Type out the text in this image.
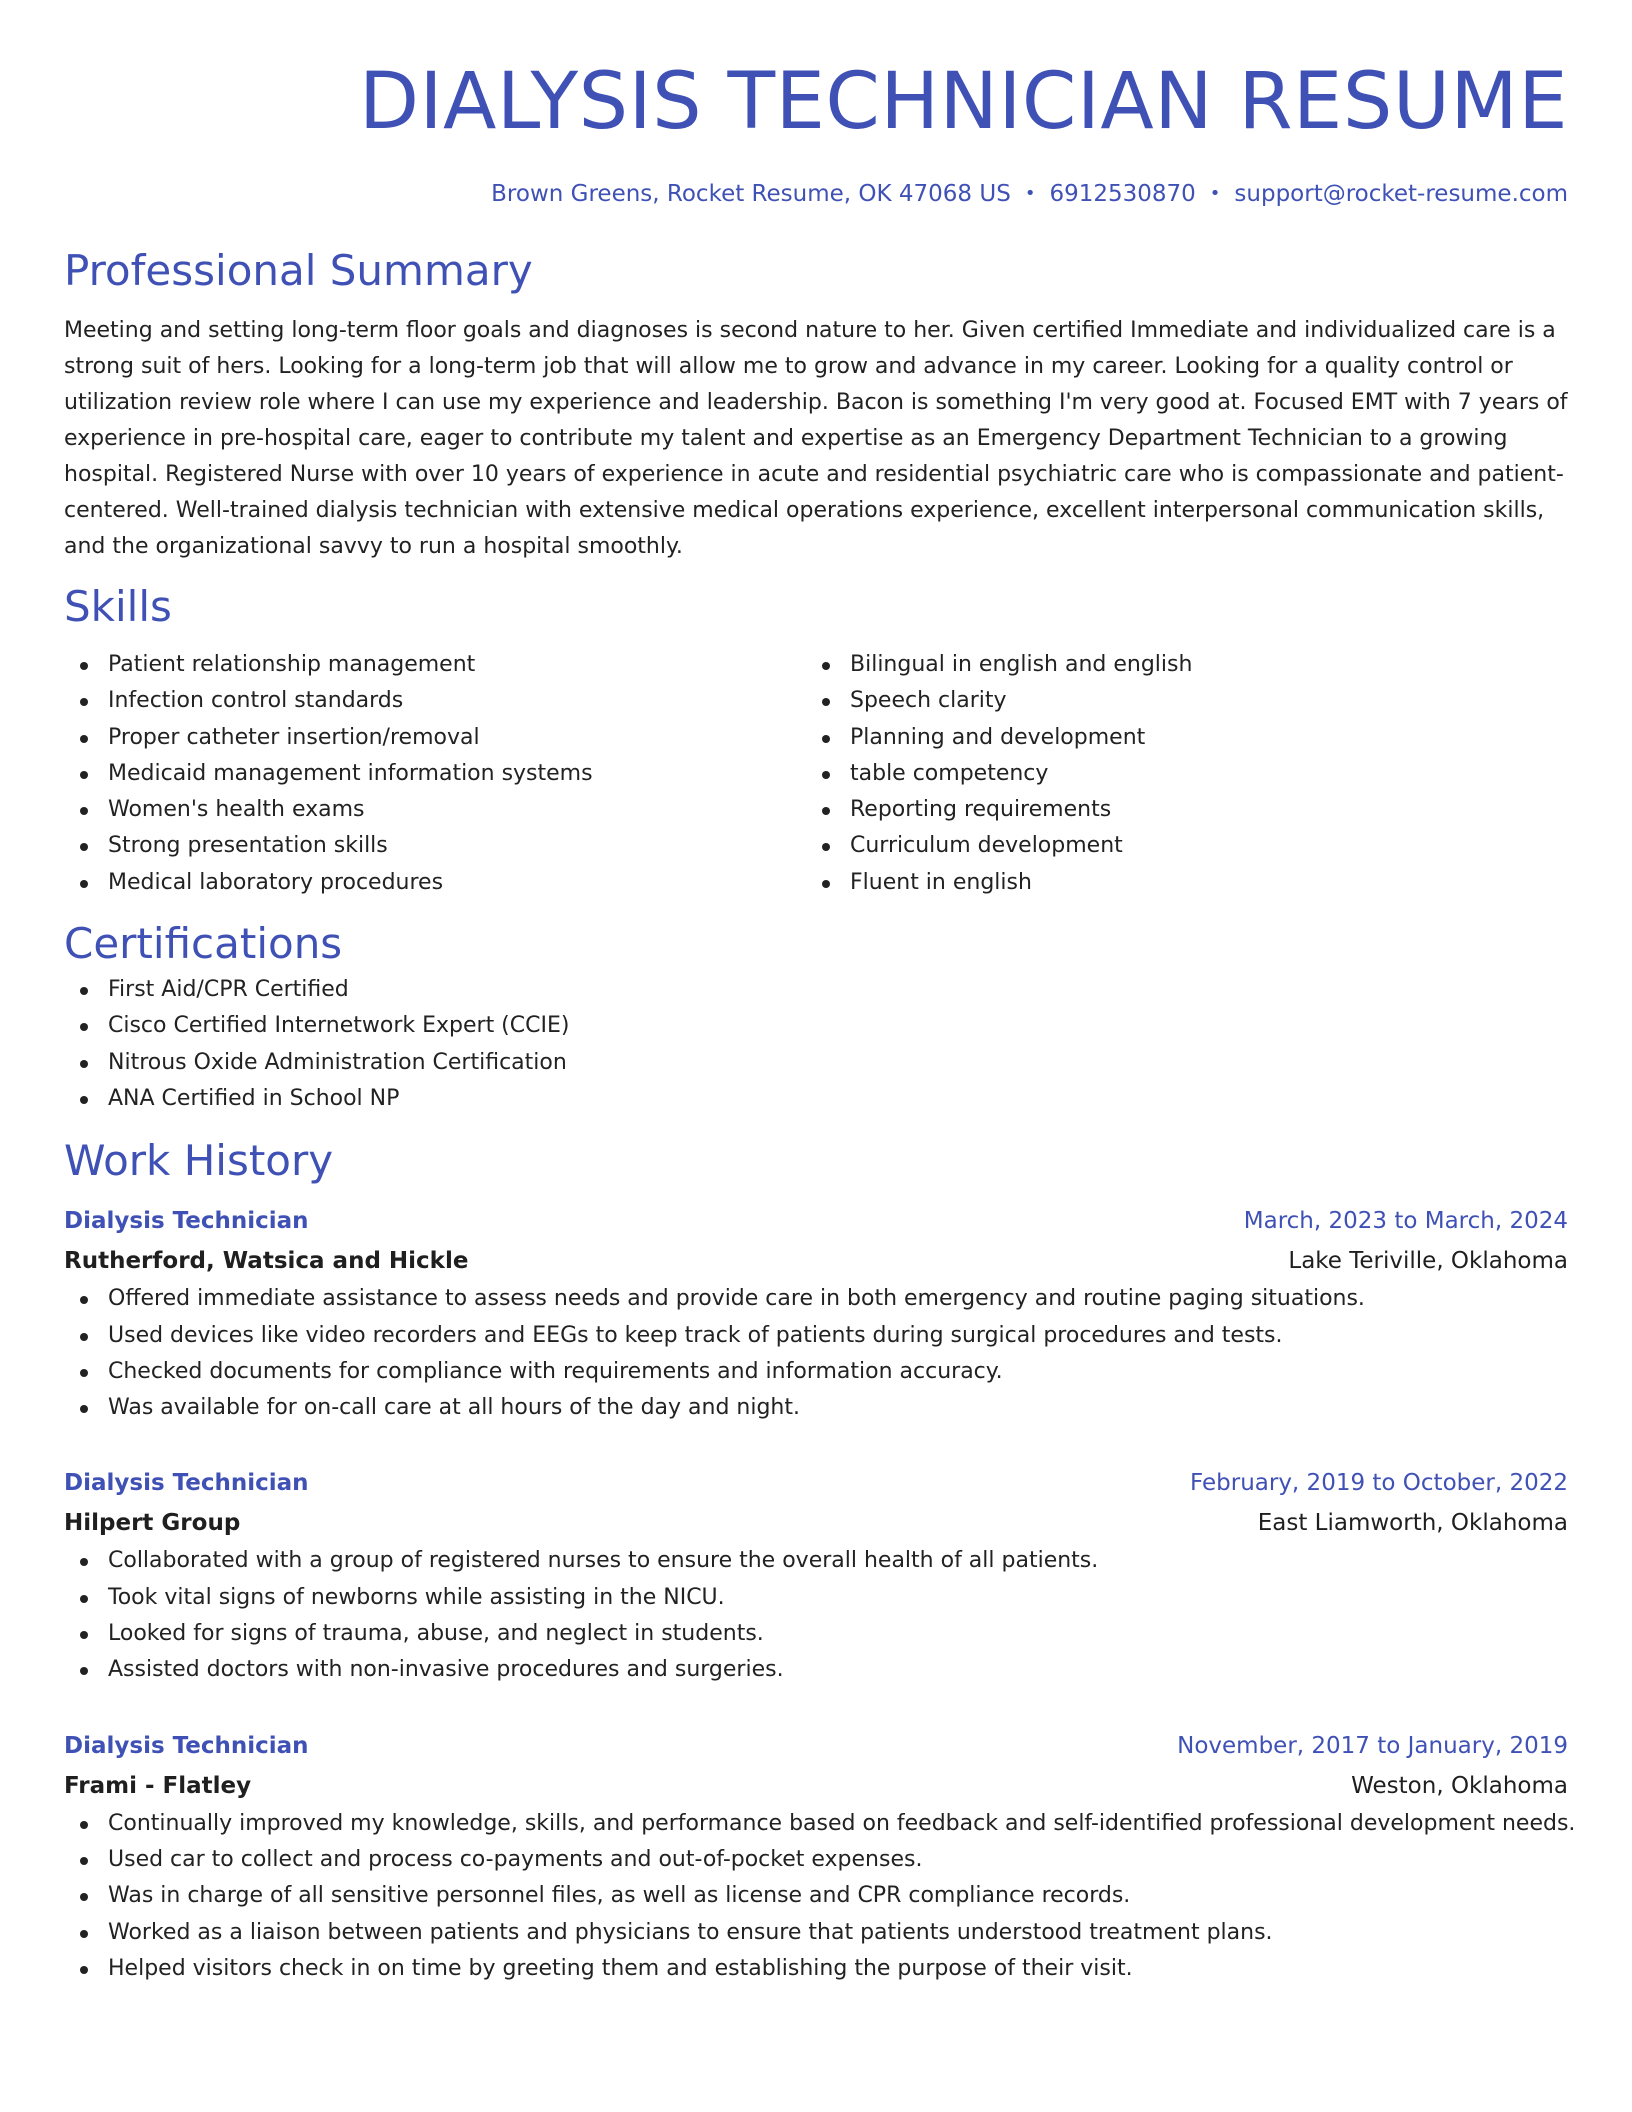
DIALYSIS TECHNICIAN RESUME
Brown Greens, Rocket Resume, OK 47068 US • 6912530870 • support@rocket-resume.com
Professional Summary

Meeting and setting long-term floor goals and diagnoses is second nature to her. Given certified Immediate and individualized care is a strong suit of hers. Looking for a long-term job that will allow me to grow and advance in my career. Looking for a quality control or utilization review role where I can use my experience and leadership. Bacon is something I'm very good at. Focused EMT with 7 years of experience in pre-hospital care, eager to contribute my talent and expertise as an Emergency Department Technician to a growing hospital. Registered Nurse with over 10 years of experience in acute and residential psychiatric care who is compassionate and patient-centered. Well-trained dialysis technician with extensive medical operations experience, excellent interpersonal communication skills, and the organizational savvy to run a hospital smoothly.

Skills
Patient relationship management
Infection control standards
Proper catheter insertion/removal
Medicaid management information systems
Women's health exams
Strong presentation skills
Medical laboratory procedures
Bilingual in english and english
Speech clarity
Planning and development
table competency
Reporting requirements
Curriculum development
Fluent in english
Certifications
First Aid/CPR Certified
Cisco Certified Internetwork Expert (CCIE)
Nitrous Oxide Administration Certification
ANA Certified in School NP
Work History
Dialysis Technician	March, 2023 to March, 2024
Rutherford, Watsica and Hickle	Lake Teriville, Oklahoma
Offered immediate assistance to assess needs and provide care in both emergency and routine paging situations.
Used devices like video recorders and EEGs to keep track of patients during surgical procedures and tests.
Checked documents for compliance with requirements and information accuracy.
Was available for on-call care at all hours of the day and night.
Dialysis Technician	February, 2019 to October, 2022
Hilpert Group	East Liamworth, Oklahoma
Collaborated with a group of registered nurses to ensure the overall health of all patients.
Took vital signs of newborns while assisting in the NICU.
Looked for signs of trauma, abuse, and neglect in students.
Assisted doctors with non-invasive procedures and surgeries.
Dialysis Technician	November, 2017 to January, 2019
Frami - Flatley	Weston, Oklahoma
Continually improved my knowledge, skills, and performance based on feedback and self-identified professional development needs.
Used car to collect and process co-payments and out-of-pocket expenses.
Was in charge of all sensitive personnel files, as well as license and CPR compliance records.
Worked as a liaison between patients and physicians to ensure that patients understood treatment plans.
Helped visitors check in on time by greeting them and establishing the purpose of their visit.
